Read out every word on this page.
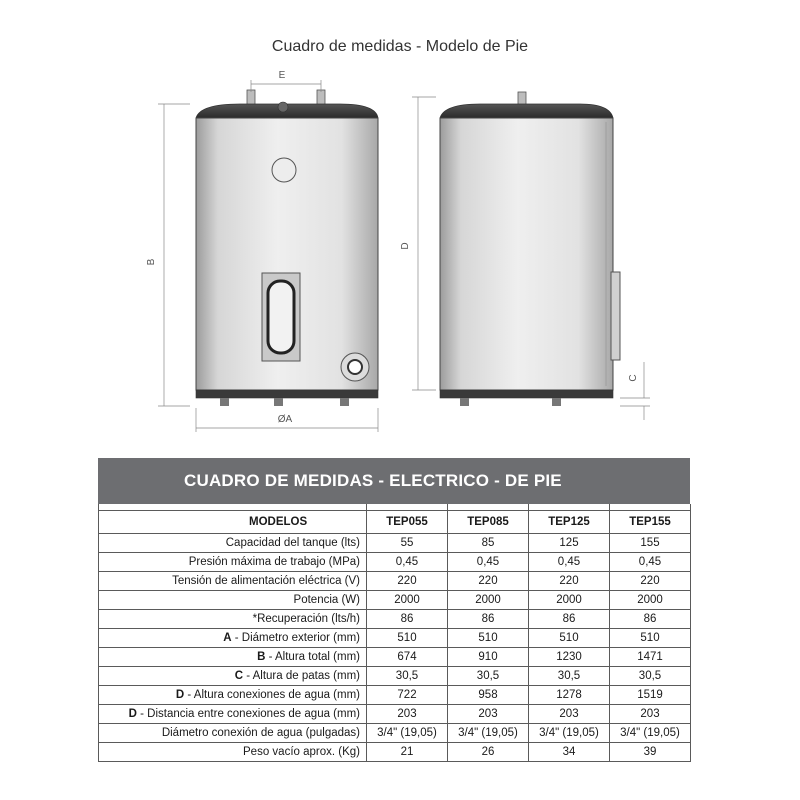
Cuadro de medidas - Modelo de Pie
E
B
ØA
D
C
CUADRO DE MEDIDAS - ELECTRICO - DE PIE

MODELOS	TEP055	TEP085	TEP125	TEP155
Capacidad del tanque (lts)	55	85	125	155
Presión máxima de trabajo (MPa)	0,45	0,45	0,45	0,45
Tensión de alimentación eléctrica (V)	220	220	220	220
Potencia (W)	2000	2000	2000	2000
*Recuperación (lts/h)	86	86	86	86
A - Diámetro exterior (mm)	510	510	510	510
B - Altura total (mm)	674	910	1230	1471
C - Altura de patas (mm)	30,5	30,5	30,5	30,5
D - Altura conexiones de agua (mm)	722	958	1278	1519
D - Distancia entre conexiones de agua (mm)	203	203	203	203
Diámetro conexión de agua (pulgadas)	3/4" (19,05)	3/4" (19,05)	3/4" (19,05)	3/4" (19,05)
Peso vacío aprox. (Kg)	21	26	34	39
